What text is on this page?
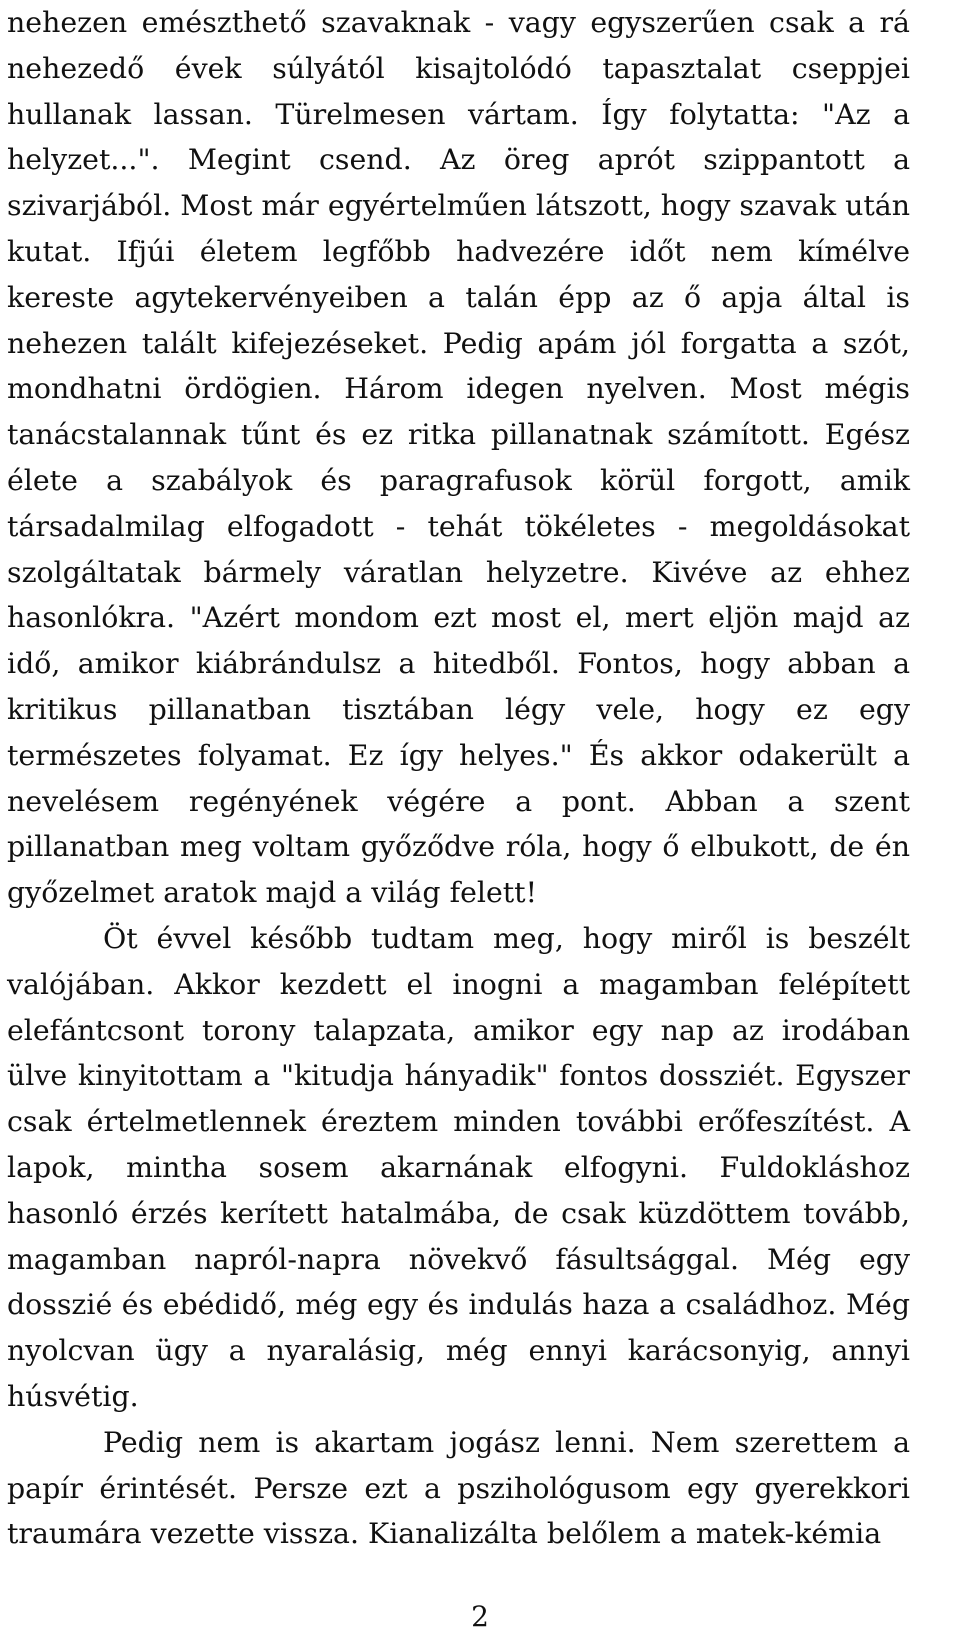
nehezen emészthető szavaknak - vagy egyszerűen csak a rá nehezedő évek súlyától kisajtolódó tapasztalat cseppjei hullanak lassan. Türelmesen vártam. Így folytatta: "Az a helyzet...". Megint csend. Az öreg aprót szippantott a szivarjából. Most már egyértelműen látszott, hogy szavak után kutat. Ifjúi életem legfőbb hadvezére időt nem kímélve kereste agytekervényeiben a talán épp az ő apja által is nehezen talált kifejezéseket. Pedig apám jól forgatta a szót, mondhatni ördögien. Három idegen nyelven. Most mégis tanácstalannak tűnt és ez ritka pillanatnak számított. Egész élete a szabályok és paragrafusok körül forgott, amik társadalmilag elfogadott - tehát tökéletes - megoldásokat szolgáltatak bármely váratlan helyzetre. Kivéve az ehhez hasonlókra. "Azért mondom ezt most el, mert eljön majd az idő, amikor kiábrándulsz a hitedből. Fontos, hogy abban a kritikus pillanatban tisztában légy vele, hogy ez egy természetes folyamat. Ez így helyes." És akkor odakerült a nevelésem regényének végére a pont. Abban a szent pillanatban meg voltam győződve róla, hogy ő elbukott, de én győzelmet aratok majd a világ felett!

Öt évvel később tudtam meg, hogy miről is beszélt valójában. Akkor kezdett el inogni a magamban felépített elefántcsont torony talapzata, amikor egy nap az irodában ülve kinyitottam a "kitudja hányadik" fontos dossziét. Egyszer csak értelmetlennek éreztem minden további erőfeszítést. A lapok, mintha sosem akarnának elfogyni. Fuldokláshoz hasonló érzés kerített hatalmába, de csak küzdöttem tovább, magamban napról-napra növekvő fásultsággal. Még egy dosszié és ebédidő, még egy és indulás haza a családhoz. Még nyolcvan ügy a nyaralásig, még ennyi karácsonyig, annyi húsvétig.

Pedig nem is akartam jogász lenni. Nem szerettem a papír érintését. Persze ezt a pszihológusom egy gyerekkori traumára vezette vissza. Kianalizálta belőlem a matek-kémia

2
